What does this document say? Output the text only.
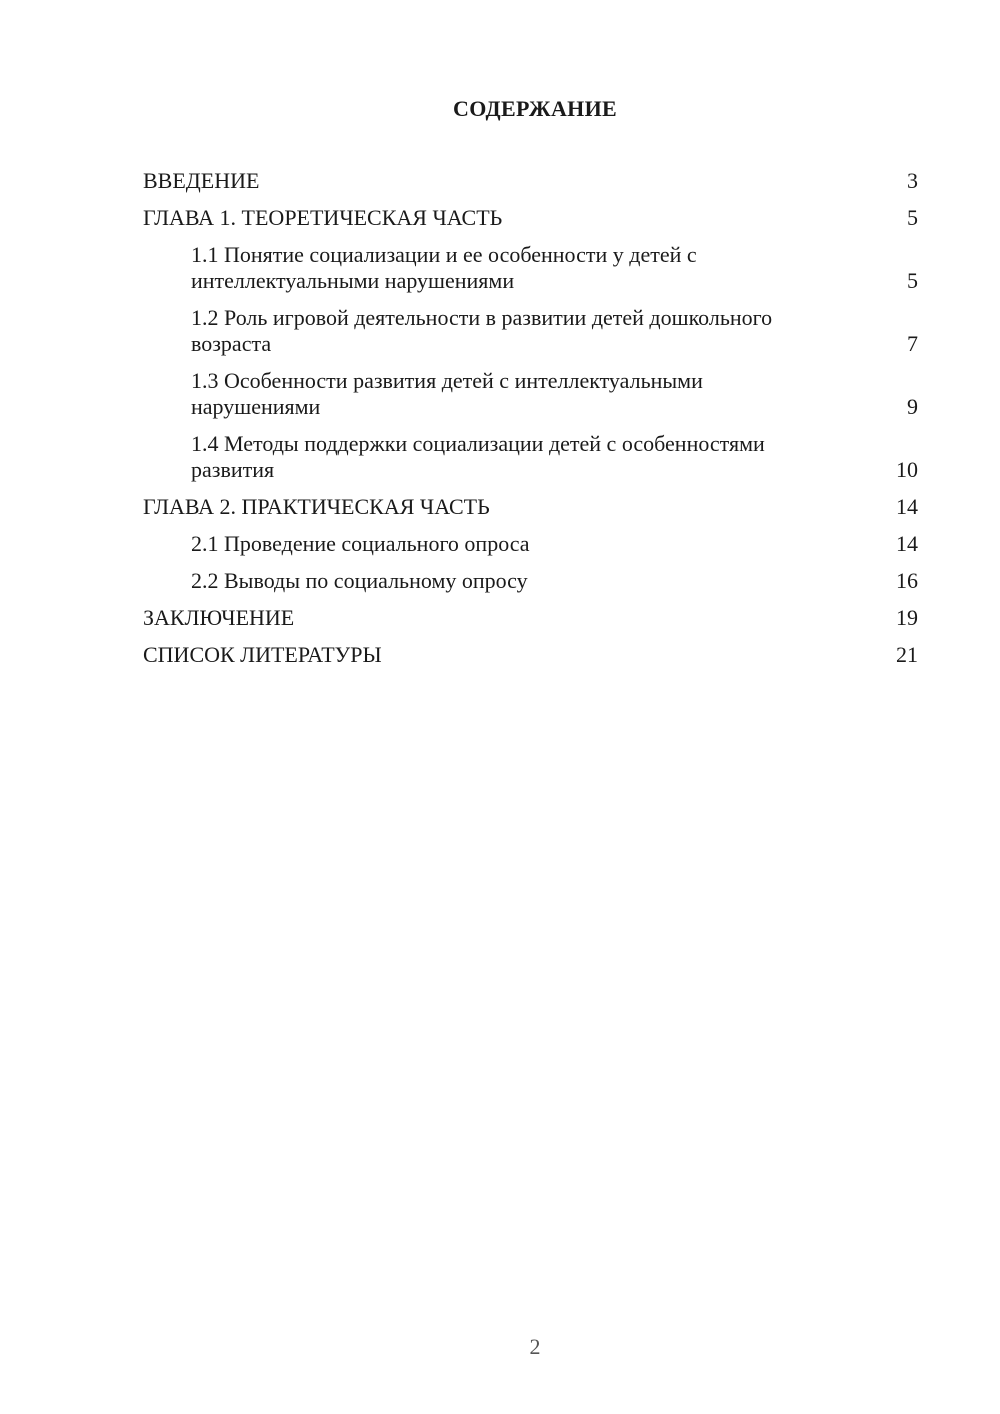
СОДЕРЖАНИЕ
ВВЕДЕНИЕ	3
ГЛАВА 1. ТЕОРЕТИЧЕСКАЯ ЧАСТЬ	5
1.1 Понятие социализации и ее особенности у детей с интеллектуальными нарушениями	5
1.2 Роль игровой деятельности в развитии детей дошкольного возраста	7
1.3 Особенности развития детей с интеллектуальными нарушениями	9
1.4 Методы поддержки социализации детей с особенностями развития	10
ГЛАВА 2. ПРАКТИЧЕСКАЯ ЧАСТЬ	14
2.1 Проведение социального опроса	14
2.2 Выводы по социальному опросу	16
ЗАКЛЮЧЕНИЕ	19
СПИСОК ЛИТЕРАТУРЫ	21
2
